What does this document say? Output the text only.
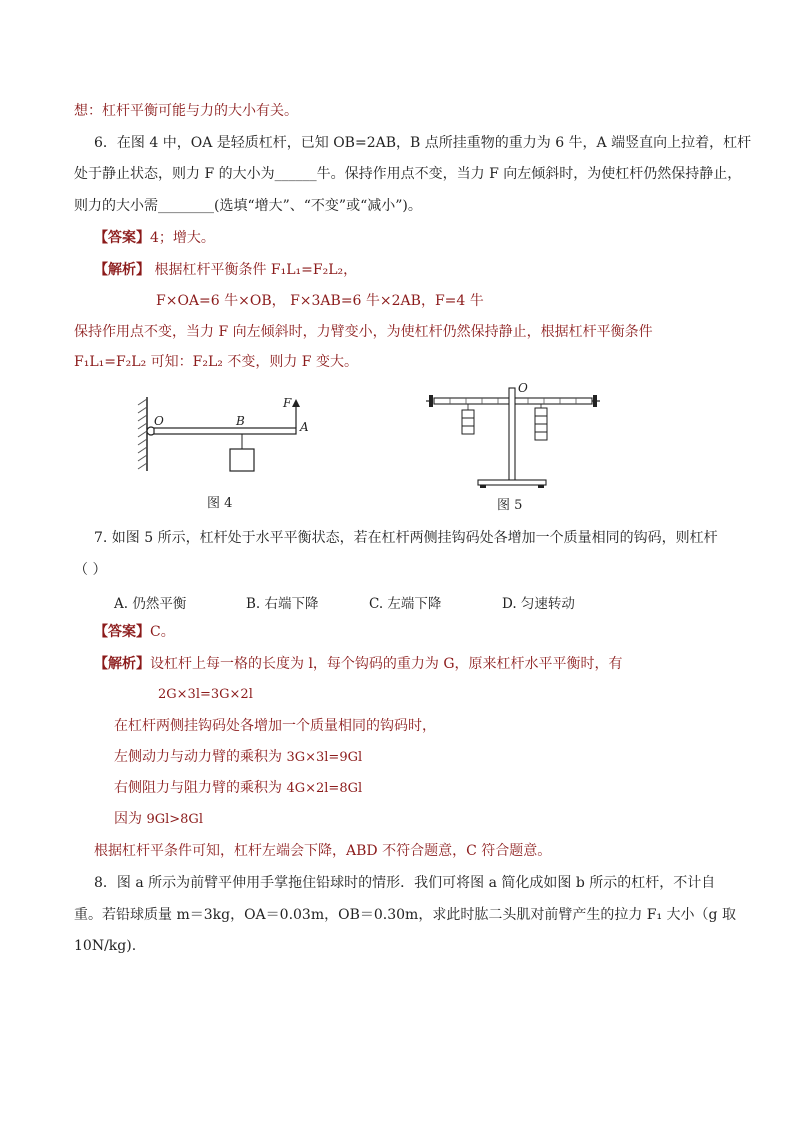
想：杠杆平衡可能与力的大小有关。
6．在图 4 中，OA 是轻质杠杆，已知 OB=2AB，B 点所挂重物的重力为 6 牛，A 端竖直向上拉着，杠杆
处于静止状态，则力 F 的大小为______牛。保持作用点不变，当力 F 向左倾斜时，为使杠杆仍然保持静止，
则力的大小需________(选填“增大”、“不变”或“减小”)。
【答案】4；增大。
【解析】 根据杠杆平衡条件 F₁L₁=F₂L₂，
F×OA=6 牛×OB， F×3AB=6 牛×2AB，F=4 牛
保持作用点不变，当力 F 向左倾斜时，力臂变小，为使杠杆仍然保持静止，根据杠杆平衡条件
F₁L₁=F₂L₂ 可知：F₂L₂ 不变，则力 F 变大。
O	B
F
A
图 4
O
图 5
7. 如图 5 所示，杠杆处于水平平衡状态，若在杠杆两侧挂钩码处各增加一个质量相同的钩码，则杠杆
（ ）
A. 仍然平衡	B. 右端下降	C. 左端下降	D. 匀速转动
【答案】C。
【解析】设杠杆上每一格的长度为 l，每个钩码的重力为 G，原来杠杆水平平衡时，有
2G×3l=3G×2l
在杠杆两侧挂钩码处各增加一个质量相同的钩码时，
左侧动力与动力臂的乘积为 3G×3l=9Gl
右侧阻力与阻力臂的乘积为 4G×2l=8Gl
因为 9Gl>8Gl
根据杠杆平条件可知，杠杆左端会下降，ABD 不符合题意，C 符合题意。
8．图 a 所示为前臂平伸用手掌拖住铅球时的情形．我们可将图 a 简化成如图 b 所示的杠杆，不计自
重。若铅球质量 m＝3kg，OA＝0.03m，OB＝0.30m，求此时肱二头肌对前臂产生的拉力 F₁ 大小（g 取
10N/kg).
